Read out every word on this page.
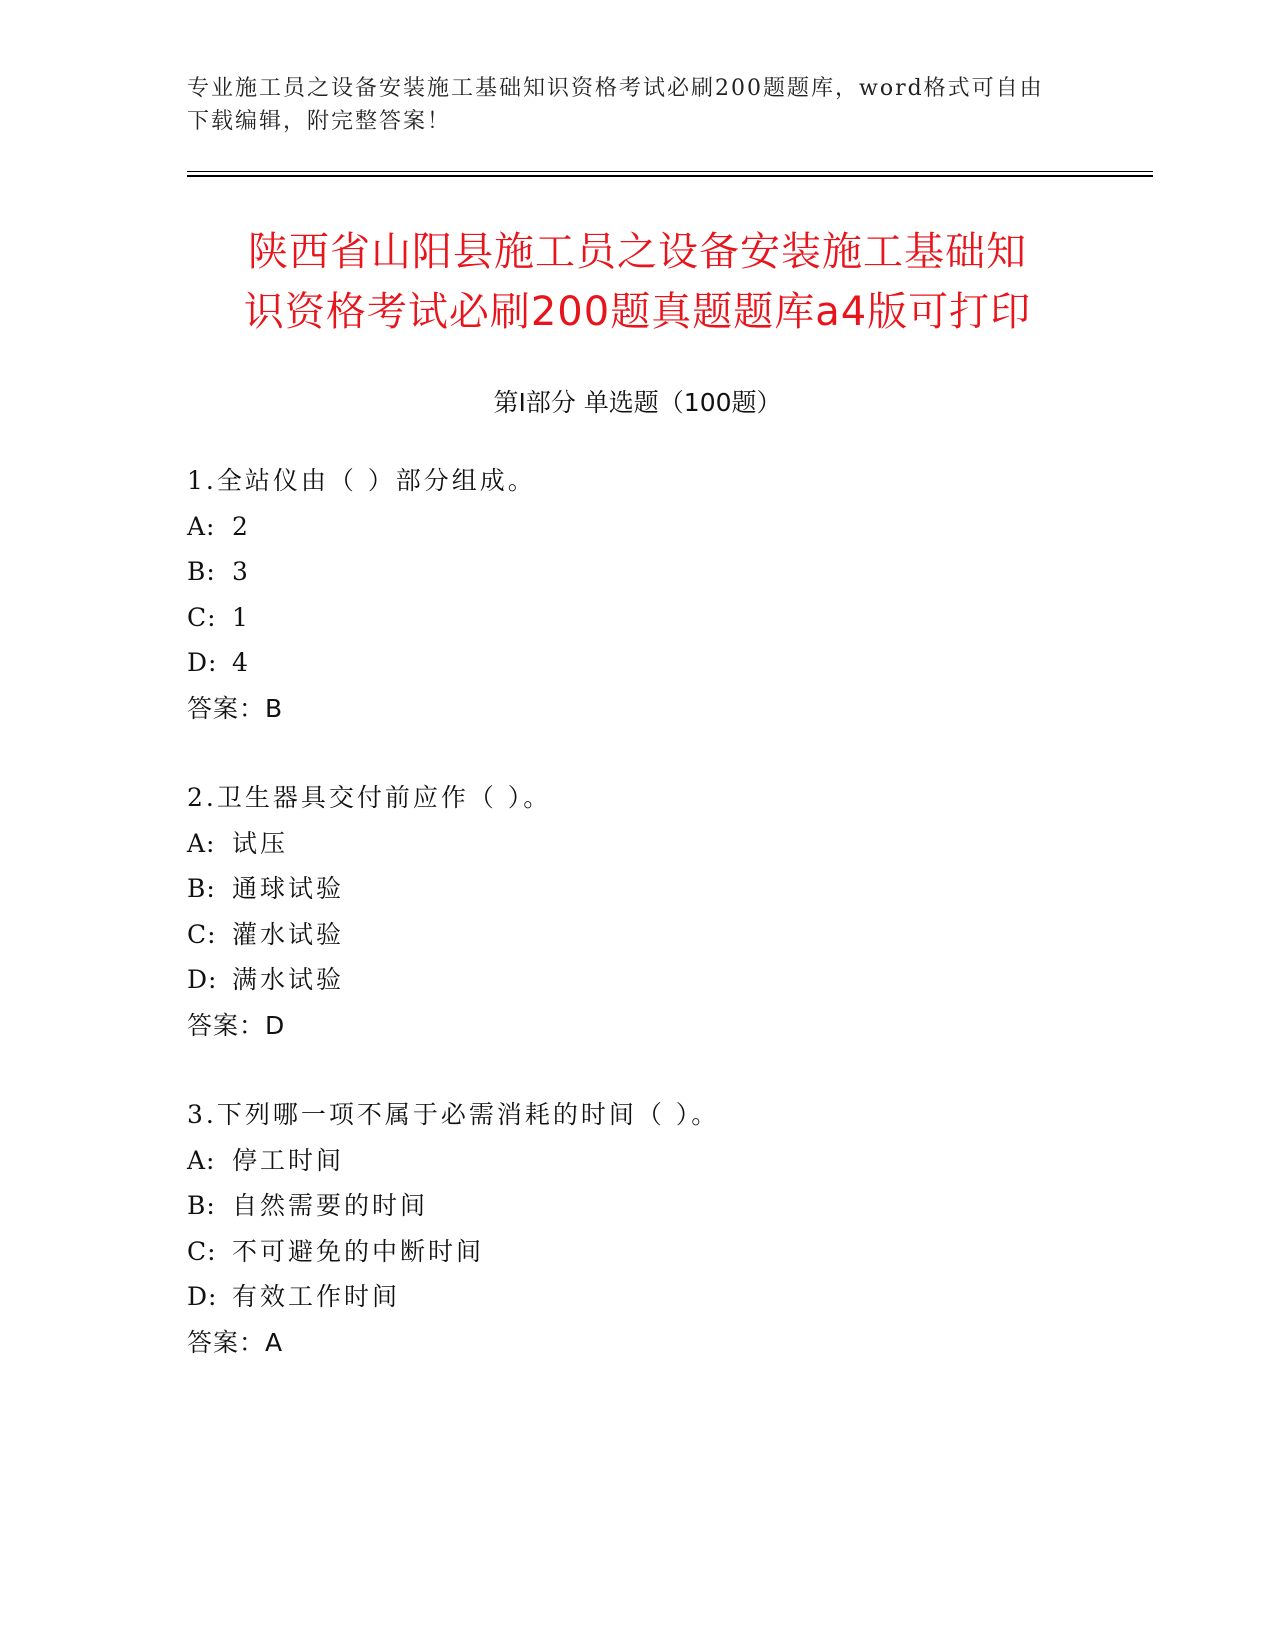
专业施工员之设备安装施工基础知识资格考试必刷200题题库，word格式可自由
下载编辑，附完整答案！
陕西省山阳县施工员之设备安装施工基础知
识资格考试必刷200题真题题库a4版可打印
第Ⅰ部分 单选题（100题）
1.全站仪由（ ）部分组成。
A: 2
B: 3
C: 1
D: 4
答案：B
2.卫生器具交付前应作（ ）。
A: 试压
B: 通球试验
C: 灌水试验
D: 满水试验
答案：D
3.下列哪一项不属于必需消耗的时间（ ）。
A: 停工时间
B: 自然需要的时间
C: 不可避免的中断时间
D: 有效工作时间
答案：A
